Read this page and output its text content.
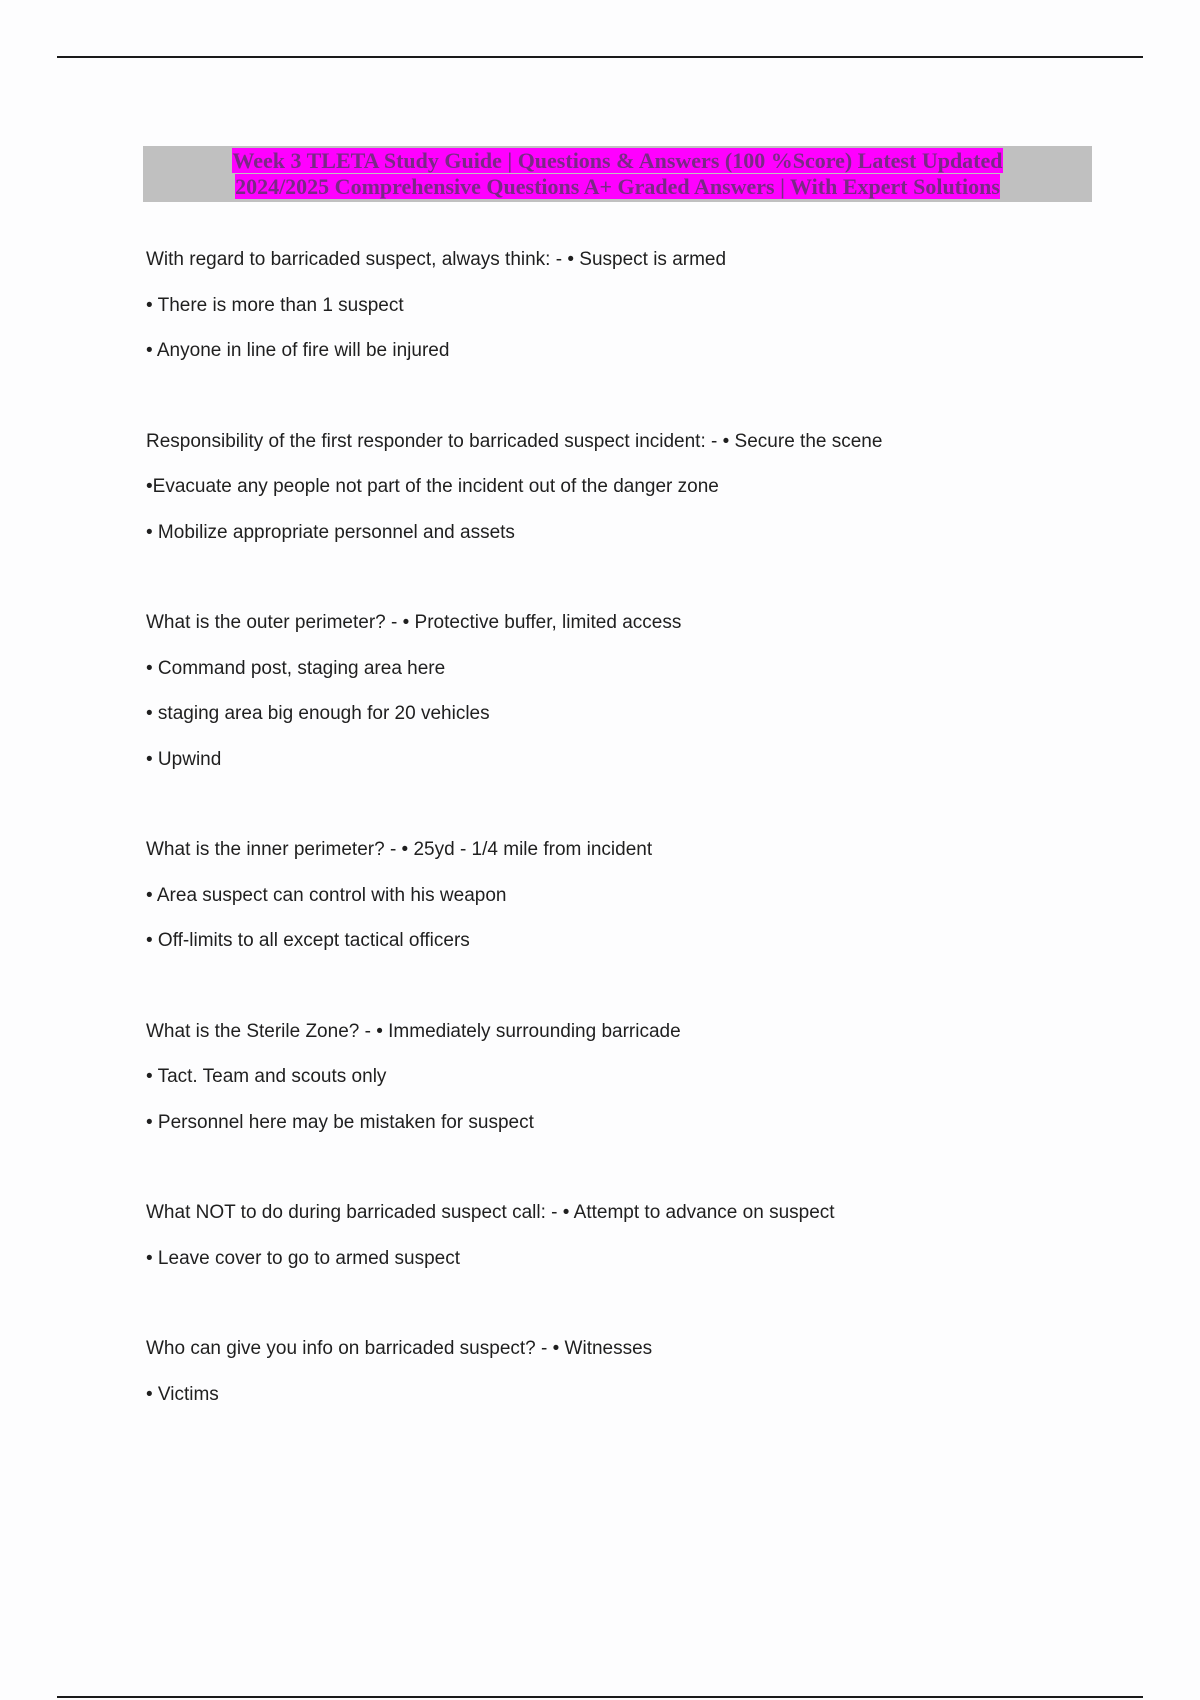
Week 3 TLETA Study Guide | Questions & Answers (100 %Score) Latest Updated
2024/2025 Comprehensive Questions A+ Graded Answers | With Expert Solutions
With regard to barricaded suspect, always think: - • Suspect is armed
• There is more than 1 suspect
• Anyone in line of fire will be injured
Responsibility of the first responder to barricaded suspect incident: - • Secure the scene
•Evacuate any people not part of the incident out of the danger zone
• Mobilize appropriate personnel and assets
What is the outer perimeter? - • Protective buffer, limited access
• Command post, staging area here
• staging area big enough for 20 vehicles
• Upwind
What is the inner perimeter? - • 25yd - 1/4 mile from incident
• Area suspect can control with his weapon
• Off-limits to all except tactical officers
What is the Sterile Zone? - • Immediately surrounding barricade
• Tact. Team and scouts only
• Personnel here may be mistaken for suspect
What NOT to do during barricaded suspect call: - • Attempt to advance on suspect
• Leave cover to go to armed suspect
Who can give you info on barricaded suspect? - • Witnesses
• Victims
